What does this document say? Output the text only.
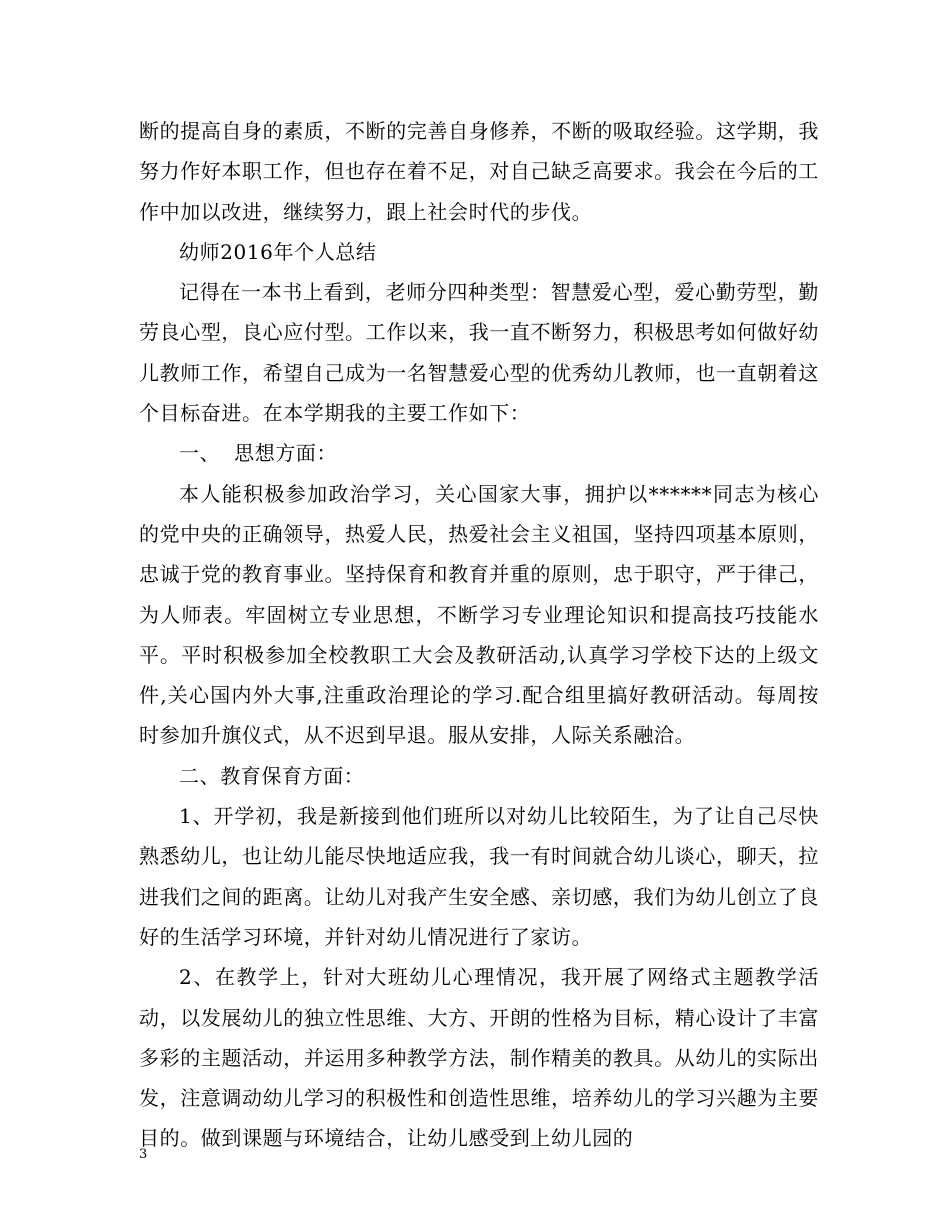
断的提高自身的素质，不断的完善自身修养，不断的吸取经验。这学期，我努力作好本职工作，但也存在着不足，对自己缺乏高要求。我会在今后的工作中加以改进，继续努力，跟上社会时代的步伐。

幼师2016年个人总结

记得在一本书上看到，老师分四种类型：智慧爱心型，爱心勤劳型，勤劳良心型，良心应付型。工作以来，我一直不断努力，积极思考如何做好幼儿教师工作，希望自己成为一名智慧爱心型的优秀幼儿教师，也一直朝着这个目标奋进。在本学期我的主要工作如下：

一、  思想方面：

本人能积极参加政治学习，关心国家大事，拥护以******同志为核心的党中央的正确领导，热爱人民，热爱社会主义祖国，坚持四项基本原则，忠诚于党的教育事业。坚持保育和教育并重的原则，忠于职守，严于律己，为人师表。牢固树立专业思想，不断学习专业理论知识和提高技巧技能水平。平时积极参加全校教职工大会及教研活动,认真学习学校下达的上级文件,关心国内外大事,注重政治理论的学习.配合组里搞好教研活动。每周按时参加升旗仪式，从不迟到早退。服从安排，人际关系融洽。

二、教育保育方面：

1、开学初，我是新接到他们班所以对幼儿比较陌生，为了让自己尽快熟悉幼儿，也让幼儿能尽快地适应我，我一有时间就合幼儿谈心，聊天，拉进我们之间的距离。让幼儿对我产生安全感、亲切感，我们为幼儿创立了良好的生活学习环境，并针对幼儿情况进行了家访。

2、在教学上，针对大班幼儿心理情况，我开展了网络式主题教学活动，以发展幼儿的独立性思维、大方、开朗的性格为目标，精心设计了丰富多彩的主题活动，并运用多种教学方法，制作精美的教具。从幼儿的实际出发，注意调动幼儿学习的积极性和创造性思维，培养幼儿的学习兴趣为主要目的。做到课题与环境结合，让幼儿感受到上幼儿园的

3
